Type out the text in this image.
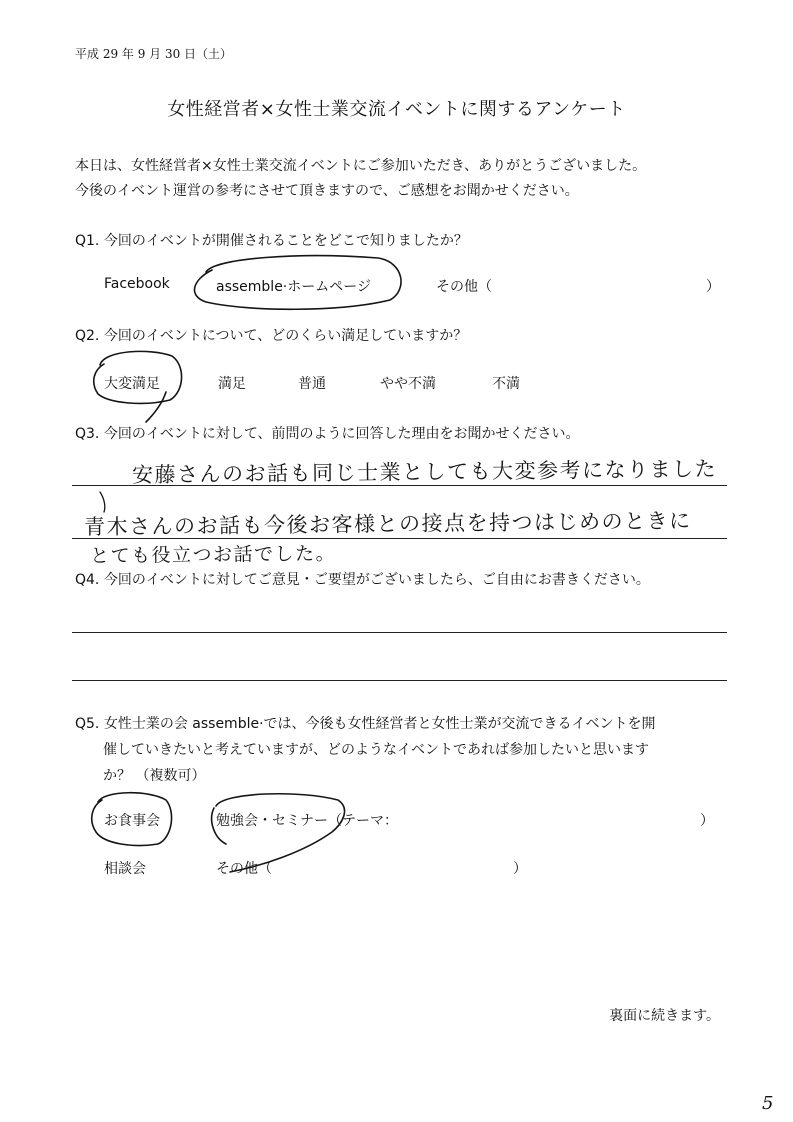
平成 29 年 9 月 30 日（土）
女性経営者×女性士業交流イベントに関するアンケート
本日は、女性経営者×女性士業交流イベントにご参加いただき、ありがとうございました。
今後のイベント運営の参考にさせて頂きますので、ご感想をお聞かせください。
Q1. 今回のイベントが開催されることをどこで知りましたか？
Facebook	assemble·ホームページ	その他（	）
Q2. 今回のイベントについて、どのくらい満足していますか？
大変満足	満足	普通	やや不満	不満
Q3. 今回のイベントに対して、前問のように回答した理由をお聞かせください。
安藤さんのお話も同じ士業としても大変参考になりました
青木さんのお話も今後お客様との接点を持つはじめのときに
とても役立つお話でした。
Q4. 今回のイベントに対してご意見・ご要望がございましたら、ご自由にお書きください。
Q5. 女性士業の会 assemble·では、今後も女性経営者と女性士業が交流できるイベントを開
催していきたいと考えていますが、どのようなイベントであれば参加したいと思います
か？ （複数可）
お食事会	勉強会・セミナー（テーマ：	）
相談会	その他（	）
裏面に続きます。
5
